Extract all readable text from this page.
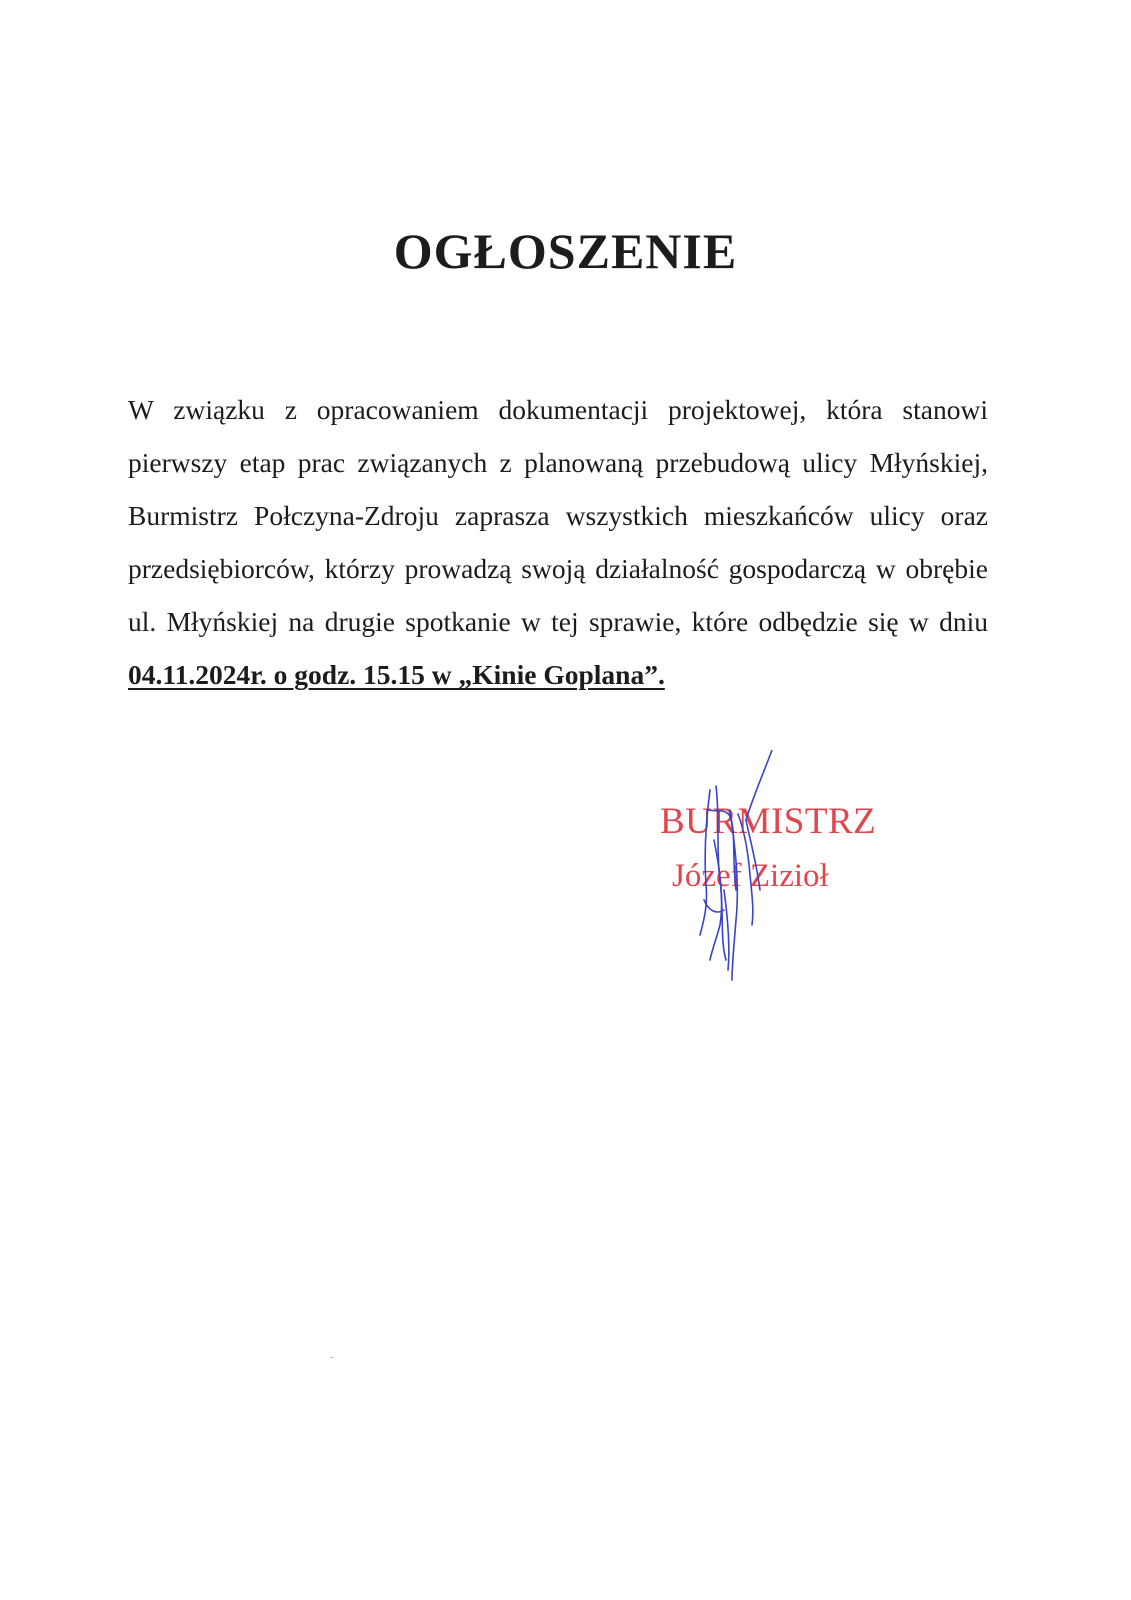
OGŁOSZENIE
W związku z opracowaniem dokumentacji projektowej, która stanowi pierwszy etap prac związanych z planowaną przebudową ulicy Młyńskiej, Burmistrz Połczyna-Zdroju zaprasza wszystkich mieszkańców ulicy oraz przedsiębiorców, którzy prowadzą swoją działalność gospodarczą w obrębie ul. Młyńskiej na drugie spotkanie w tej sprawie, które odbędzie się w dniu 04.11.2024r. o godz. 15.15 w „Kinie Goplana”.
BURMISTRZ
Józef Zizioł
